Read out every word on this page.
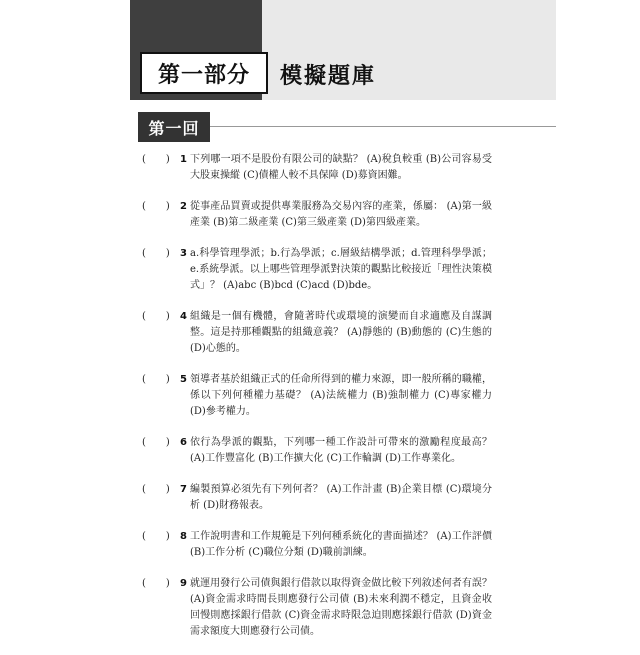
第一部分	模擬題庫
第一回
(　　)	1 下列哪一項不是股份有限公司的缺點？ (A)稅負較重 (B)公司容易受大股東操縱 (C)債權人較不具保障 (D)募資困難。
(　　)	2 從事產品買賣或提供專業服務為交易內容的產業，係屬： (A)第一級產業 (B)第二級產業 (C)第三級產業 (D)第四級產業。
(　　)	3 a.科學管理學派；b.行為學派；c.層級結構學派；d.管理科學學派；e.系統學派。以上哪些管理學派對決策的觀點比較接近「理性決策模式」？ (A)abc (B)bcd (C)acd (D)bde。
(　　)	4 組織是一個有機體，會隨著時代或環境的演變而自求適應及自謀調整。這是持那種觀點的組織意義？ (A)靜態的 (B)動態的 (C)生態的 (D)心態的。
(　　)	5 領導者基於組織正式的任命所得到的權力來源，即一般所稱的職權，係以下列何種權力基礎？ (A)法統權力 (B)強制權力 (C)專家權力 (D)參考權力。
(　　)	6 依行為學派的觀點，下列哪一種工作設計可帶來的激勵程度最高？ (A)工作豐富化 (B)工作擴大化 (C)工作輪調 (D)工作專業化。
(　　)	7 編製預算必須先有下列何者？ (A)工作計畫 (B)企業目標 (C)環境分析 (D)財務報表。
(　　)	8 工作說明書和工作規範是下列何種系統化的書面描述？ (A)工作評價 (B)工作分析 (C)職位分類 (D)職前訓練。
(　　)	9 就運用發行公司債與銀行借款以取得資金做比較下列敘述何者有誤？ (A)資金需求時間長則應發行公司債 (B)未來利潤不穩定，且資金收回慢則應採銀行借款 (C)資金需求時限急迫則應採銀行借款 (D)資金需求額度大則應發行公司債。
